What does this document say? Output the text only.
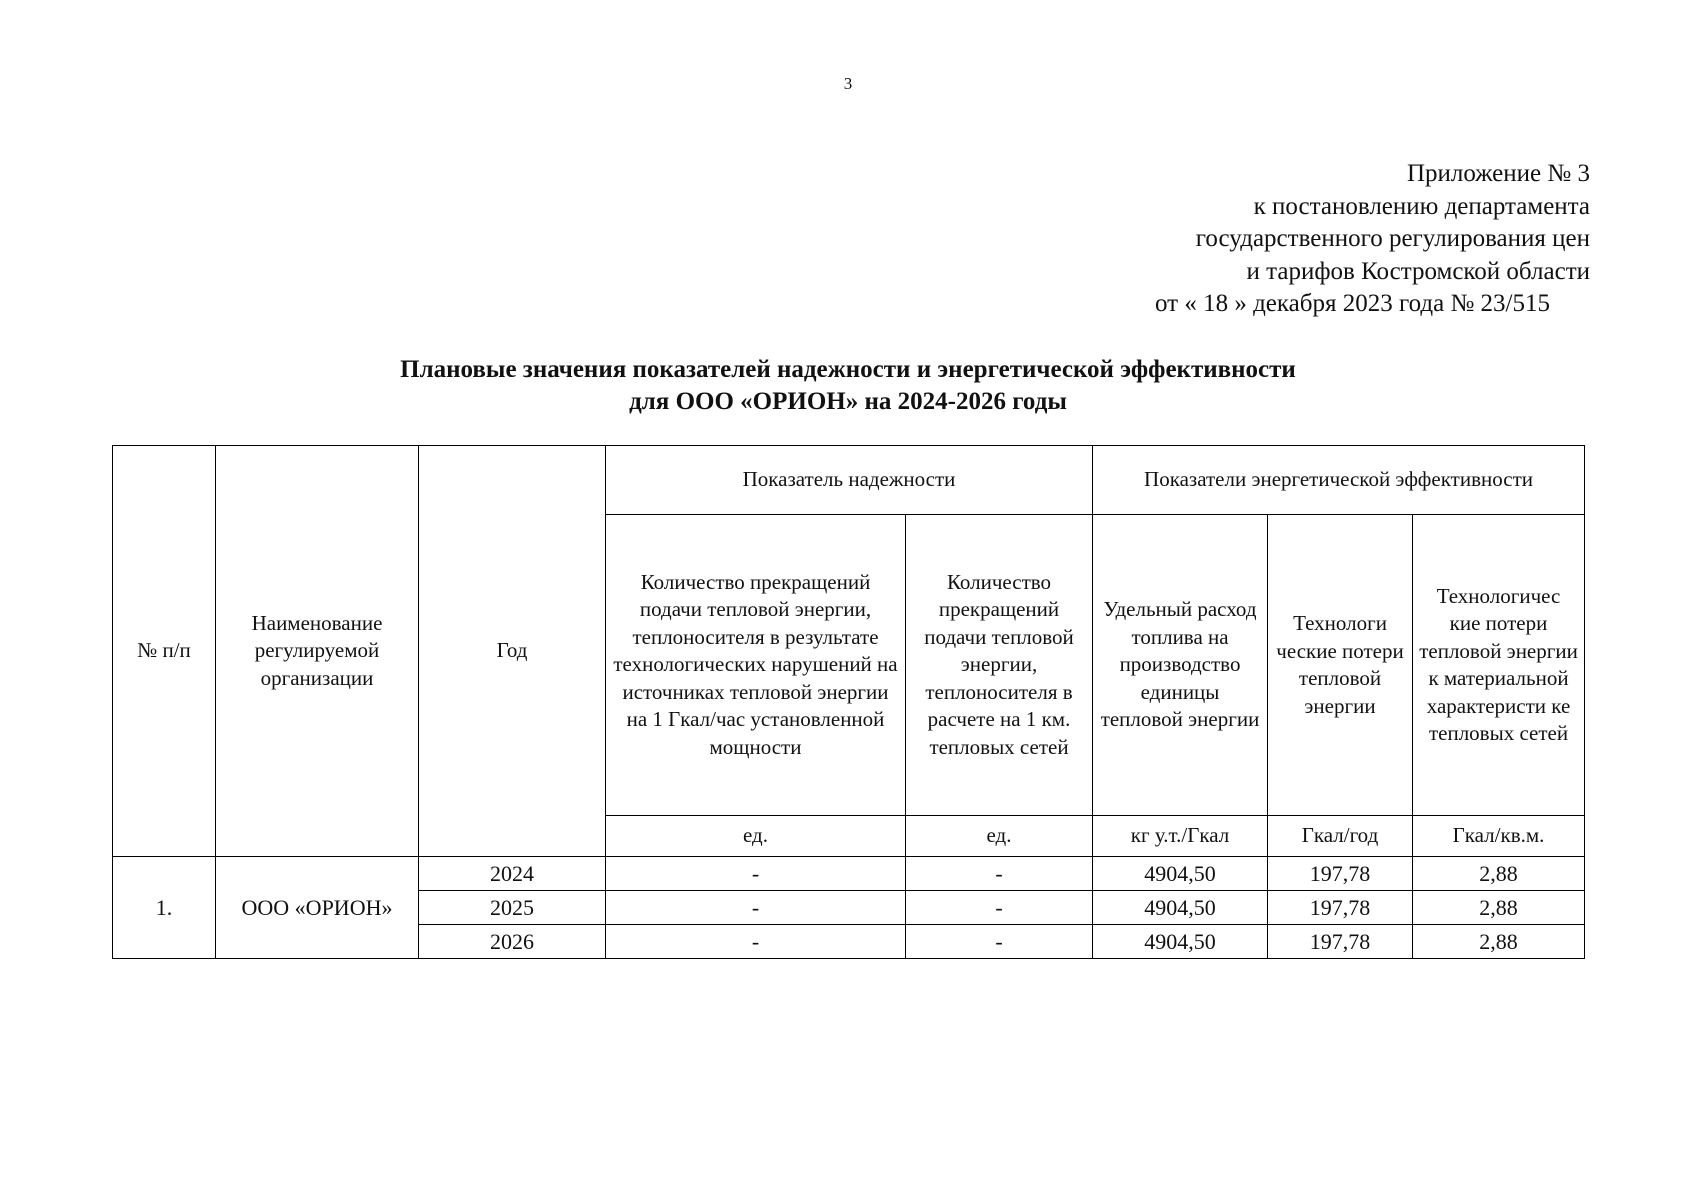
3
Приложение № 3
к постановлению департамента
государственного регулирования цен
и тарифов Костромской области
от « 18 » декабря 2023 года № 23/515
Плановые значения показателей надежности и энергетической эффективности
для ООО «ОРИОН» на 2024-2026 годы
№ п/п	Наименование регулируемой организации	Год	Показатель надежности		Показатели энергетической эффективности		
			Количество прекращений подачи тепловой энергии, теплоносителя в результате технологических нарушений на источниках тепловой энергии на 1 Гкал/час установленной мощности	Количество прекращений подачи тепловой энергии, теплоносителя в расчете на 1 км. тепловых сетей	Удельный расход топлива на производство единицы тепловой энергии	Технологи ческие потери тепловой энергии	Технологичес кие потери тепловой энергии к материальной характеристи ке тепловых сетей
			ед.	ед.	кг у.т./Гкал	Гкал/год	Гкал/кв.м.
1.	ООО «ОРИОН»	2024	-	-	4904,50	197,78	2,88
		2025	-	-	4904,50	197,78	2,88
		2026	-	-	4904,50	197,78	2,88
